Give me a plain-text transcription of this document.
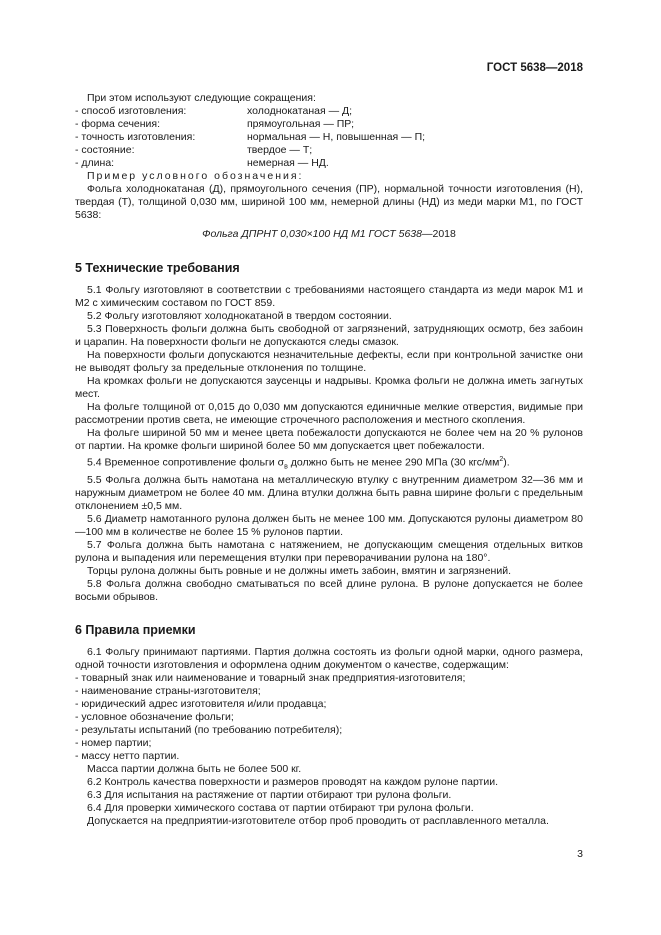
ГОСТ 5638—2018

При этом используют следующие сокращения:

- способ изготовления:	холоднокатаная — Д;
- форма сечения:	прямоугольная — ПР;
- точность изготовления:	нормальная — Н, повышенная — П;
- состояние:	твердое — Т;
- длина:	немерная — НД.

Пример условного обозначения:

Фольга холоднокатаная (Д), прямоугольного сечения (ПР), нормальной точности изготовления (Н), твердая (Т), толщиной 0,030 мм, шириной 100 мм, немерной длины (НД) из меди марки М1, по ГОСТ 5638:

Фольга ДПРНТ 0,030×100 НД М1 ГОСТ 5638—2018

5 Технические требования

5.1 Фольгу изготовляют в соответствии с требованиями настоящего стандарта из меди марок М1 и М2 с химическим составом по ГОСТ 859.

5.2 Фольгу изготовляют холоднокатаной в твердом состоянии.

5.3 Поверхность фольги должна быть свободной от загрязнений, затрудняющих осмотр, без забоин и царапин. На поверхности фольги не допускаются следы смазок.

На поверхности фольги допускаются незначительные дефекты, если при контрольной зачистке они не выводят фольгу за предельные отклонения по толщине.

На кромках фольги не допускаются заусенцы и надрывы. Кромка фольги не должна иметь загнутых мест.

На фольге толщиной от 0,015 до 0,030 мм допускаются единичные мелкие отверстия, видимые при рассмотрении против света, не имеющие строчечного расположения и местного скопления.

На фольге шириной 50 мм и менее цвета побежалости допускаются не более чем на 20 % рулонов от партии. На кромке фольги шириной более 50 мм допускается цвет побежалости.

5.4 Временное сопротивление фольги $\sigma_в$ должно быть не менее 290 МПа (30 кгс/$мм^2$).

5.5 Фольга должна быть намотана на металлическую втулку с внутренним диаметром 32—36 мм и наружным диаметром не более 40 мм. Длина втулки должна быть равна ширине фольги с предельным отклонением ±0,5 мм.

5.6 Диаметр намотанного рулона должен быть не менее 100 мм. Допускаются рулоны диаметром 80—100 мм в количестве не более 15 % рулонов партии.

5.7 Фольга должна быть намотана с натяжением, не допускающим смещения отдельных витков рулона и выпадения или перемещения втулки при переворачивании рулона на 180°.

Торцы рулона должны быть ровные и не должны иметь забоин, вмятин и загрязнений.

5.8 Фольга должна свободно сматываться по всей длине рулона. В рулоне допускается не более восьми обрывов.

6 Правила приемки

6.1 Фольгу принимают партиями. Партия должна состоять из фольги одной марки, одного размера, одной точности изготовления и оформлена одним документом о качестве, содержащим:

- товарный знак или наименование и товарный знак предприятия-изготовителя;

- наименование страны-изготовителя;

- юридический адрес изготовителя и/или продавца;

- условное обозначение фольги;

- результаты испытаний (по требованию потребителя);

- номер партии;

- массу нетто партии.

Масса партии должна быть не более 500 кг.

6.2 Контроль качества поверхности и размеров проводят на каждом рулоне партии.

6.3 Для испытания на растяжение от партии отбирают три рулона фольги.

6.4 Для проверки химического состава от партии отбирают три рулона фольги.

Допускается на предприятии-изготовителе отбор проб проводить от расплавленного металла.

3
